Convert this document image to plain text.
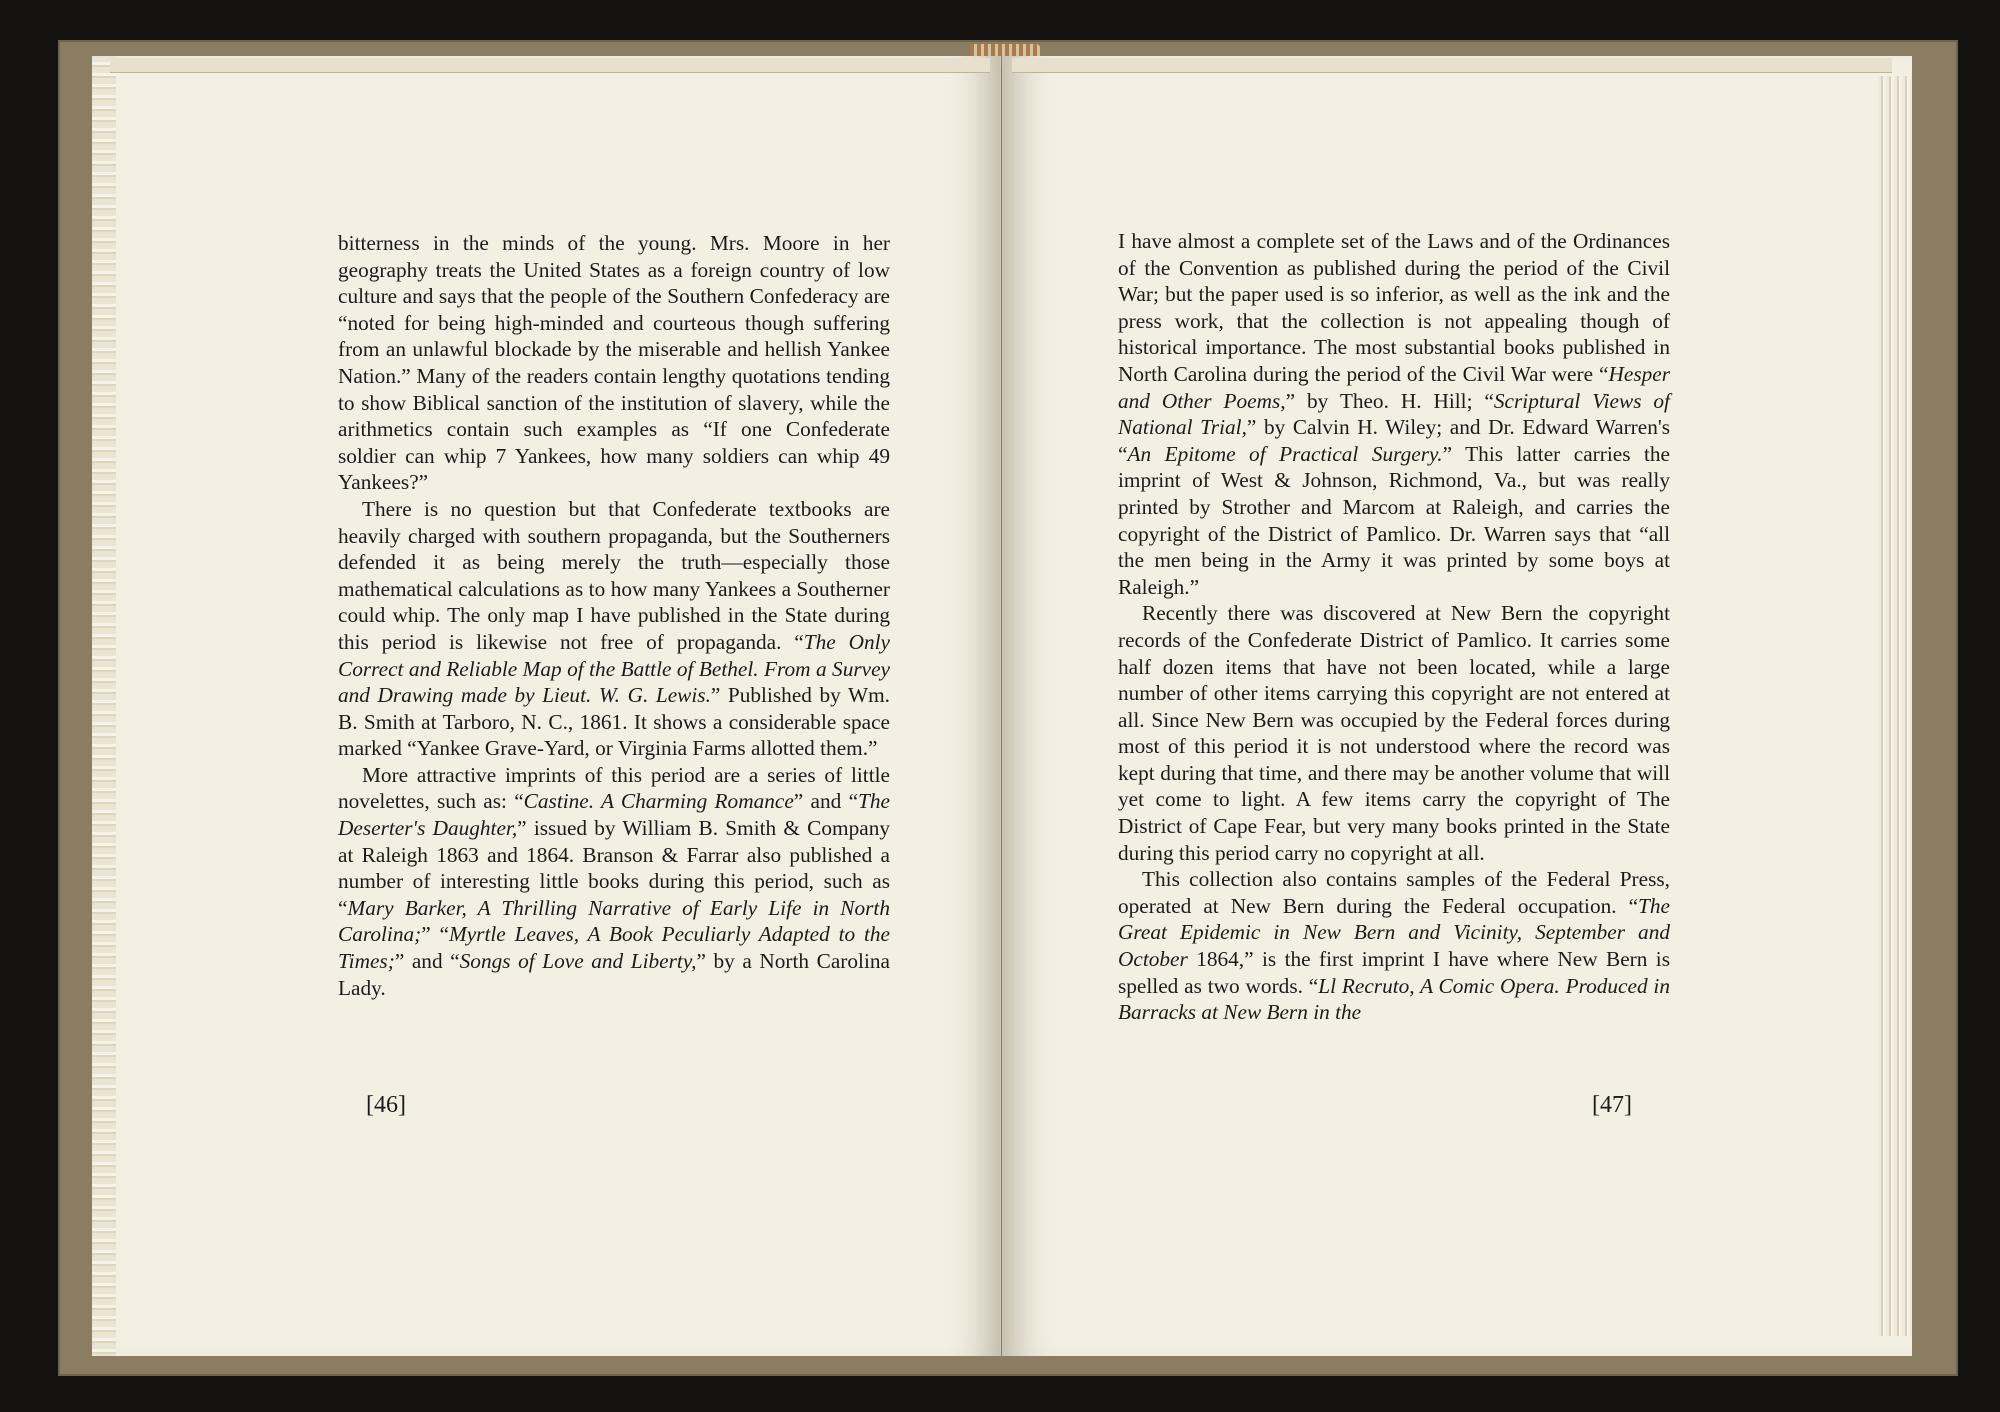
bitterness in the minds of the young. Mrs. Moore in her geography treats the United States as a foreign country of low culture and says that the people of the Southern Confederacy are “noted for being high-minded and courteous though suffering from an unlawful blockade by the miserable and hellish Yankee Nation.” Many of the readers contain lengthy quotations tending to show Biblical sanction of the institution of slavery, while the arithmetics contain such examples as “If one Confederate soldier can whip 7 Yankees, how many soldiers can whip 49 Yankees?”

There is no question but that Confederate textbooks are heavily charged with southern propaganda, but the Southerners defended it as being merely the truth—especially those mathematical calculations as to how many Yankees a Southerner could whip. The only map I have published in the State during this period is likewise not free of propaganda. “The Only Correct and Reliable Map of the Battle of Bethel. From a Survey and Drawing made by Lieut. W. G. Lewis.” Published by Wm. B. Smith at Tarboro, N. C., 1861. It shows a considerable space marked “Yankee Grave-Yard, or Virginia Farms allotted them.”

More attractive imprints of this period are a series of little novelettes, such as: “Castine. A Charming Romance” and “The Deserter's Daughter,” issued by William B. Smith & Company at Raleigh 1863 and 1864. Branson & Farrar also published a number of interesting little books during this period, such as “Mary Barker, A Thrilling Narrative of Early Life in North Carolina;” “Myrtle Leaves, A Book Peculiarly Adapted to the Times;” and “Songs of Love and Liberty,” by a North Carolina Lady.

[46]

I have almost a complete set of the Laws and of the Ordinances of the Convention as published during the period of the Civil War; but the paper used is so inferior, as well as the ink and the press work, that the collection is not appealing though of historical importance. The most substantial books published in North Carolina during the period of the Civil War were “Hesper and Other Poems,” by Theo. H. Hill; “Scriptural Views of National Trial,” by Calvin H. Wiley; and Dr. Edward Warren's “An Epitome of Practical Surgery.” This latter carries the imprint of West & Johnson, Richmond, Va., but was really printed by Strother and Marcom at Raleigh, and carries the copyright of the District of Pamlico. Dr. Warren says that “all the men being in the Army it was printed by some boys at Raleigh.”

Recently there was discovered at New Bern the copyright records of the Confederate District of Pamlico. It carries some half dozen items that have not been located, while a large number of other items carrying this copyright are not entered at all. Since New Bern was occupied by the Federal forces during most of this period it is not understood where the record was kept during that time, and there may be another volume that will yet come to light. A few items carry the copyright of The District of Cape Fear, but very many books printed in the State during this period carry no copyright at all.

This collection also contains samples of the Federal Press, operated at New Bern during the Federal occupation. “The Great Epidemic in New Bern and Vicinity, September and October 1864,” is the first imprint I have where New Bern is spelled as two words. “Ll Recruto, A Comic Opera. Produced in Barracks at New Bern in the

[47]
